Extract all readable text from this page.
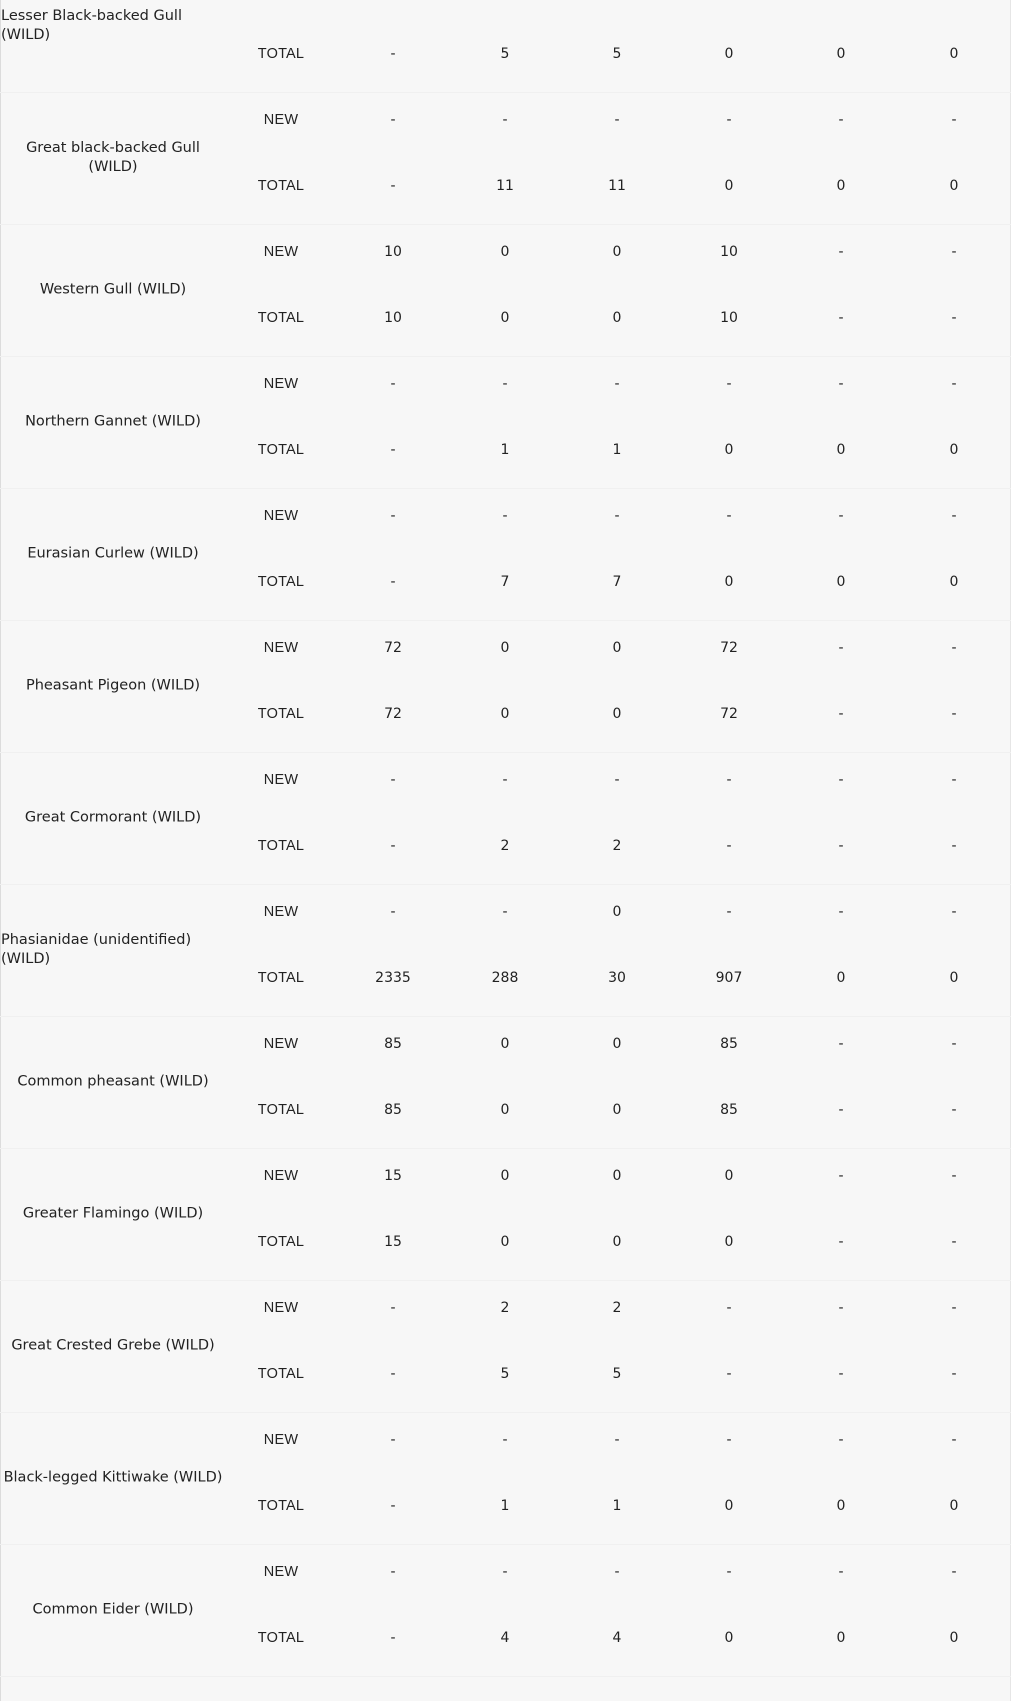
Lesser Black-backed Gull (WILD)
TOTAL	-	5	5	0	0	0
Great black-backed Gull (WILD)
NEW	-	-	-	-	-	-
TOTAL	-	11	11	0	0	0
Western Gull (WILD)
NEW	10	0	0	10	-	-
TOTAL	10	0	0	10	-	-
Northern Gannet (WILD)
NEW	-	-	-	-	-	-
TOTAL	-	1	1	0	0	0
Eurasian Curlew (WILD)
NEW	-	-	-	-	-	-
TOTAL	-	7	7	0	0	0
Pheasant Pigeon (WILD)
NEW	72	0	0	72	-	-
TOTAL	72	0	0	72	-	-
Great Cormorant (WILD)
NEW	-	-	-	-	-	-
TOTAL	-	2	2	-	-	-
Phasianidae (unidentified) (WILD)
NEW	-	-	0	-	-	-
TOTAL	2335	288	30	907	0	0
Common pheasant (WILD)
NEW	85	0	0	85	-	-
TOTAL	85	0	0	85	-	-
Greater Flamingo (WILD)
NEW	15	0	0	0	-	-
TOTAL	15	0	0	0	-	-
Great Crested Grebe (WILD)
NEW	-	2	2	-	-	-
TOTAL	-	5	5	-	-	-
Black-legged Kittiwake (WILD)
NEW	-	-	-	-	-	-
TOTAL	-	1	1	0	0	0
Common Eider (WILD)
NEW	-	-	-	-	-	-
TOTAL	-	4	4	0	0	0
